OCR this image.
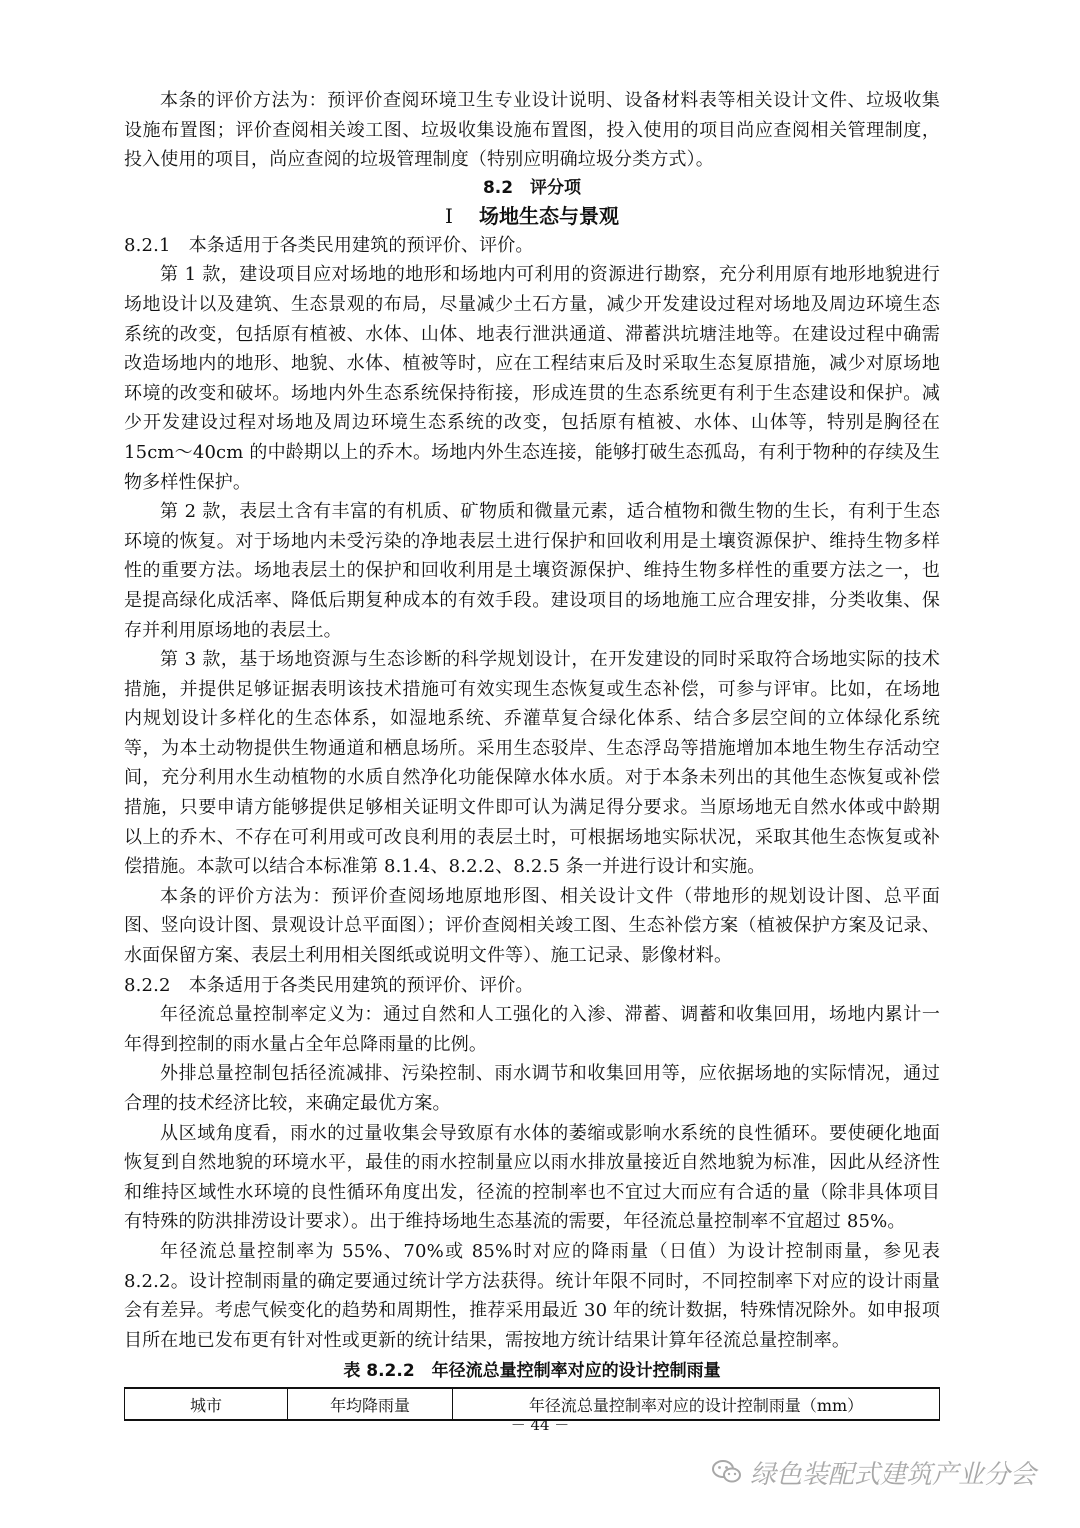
本条的评价方法为：预评价查阅环境卫生专业设计说明、设备材料表等相关设计文件、垃圾收集设施布置图；评价查阅相关竣工图、垃圾收集设施布置图，投入使用的项目尚应查阅相关管理制度，投入使用的项目，尚应查阅的垃圾管理制度（特别应明确垃圾分类方式）。

8.2　评分项
Ⅰ 场地生态与景观

8.2.1　本条适用于各类民用建筑的预评价、评价。

第 1 款，建设项目应对场地的地形和场地内可利用的资源进行勘察，充分利用原有地形地貌进行场地设计以及建筑、生态景观的布局，尽量减少土石方量，减少开发建设过程对场地及周边环境生态系统的改变，包括原有植被、水体、山体、地表行泄洪通道、滞蓄洪坑塘洼地等。在建设过程中确需改造场地内的地形、地貌、水体、植被等时，应在工程结束后及时采取生态复原措施，减少对原场地环境的改变和破坏。场地内外生态系统保持衔接，形成连贯的生态系统更有利于生态建设和保护。减少开发建设过程对场地及周边环境生态系统的改变，包括原有植被、水体、山体等，特别是胸径在 15cm～40cm 的中龄期以上的乔木。场地内外生态连接，能够打破生态孤岛，有利于物种的存续及生物多样性保护。

第 2 款，表层土含有丰富的有机质、矿物质和微量元素，适合植物和微生物的生长，有利于生态环境的恢复。对于场地内未受污染的净地表层土进行保护和回收利用是土壤资源保护、维持生物多样性的重要方法。场地表层土的保护和回收利用是土壤资源保护、维持生物多样性的重要方法之一，也是提高绿化成活率、降低后期复种成本的有效手段。建设项目的场地施工应合理安排，分类收集、保存并利用原场地的表层土。

第 3 款，基于场地资源与生态诊断的科学规划设计，在开发建设的同时采取符合场地实际的技术措施，并提供足够证据表明该技术措施可有效实现生态恢复或生态补偿，可参与评审。比如，在场地内规划设计多样化的生态体系，如湿地系统、乔灌草复合绿化体系、结合多层空间的立体绿化系统等，为本土动物提供生物通道和栖息场所。采用生态驳岸、生态浮岛等措施增加本地生物生存活动空间，充分利用水生动植物的水质自然净化功能保障水体水质。对于本条未列出的其他生态恢复或补偿措施，只要申请方能够提供足够相关证明文件即可认为满足得分要求。当原场地无自然水体或中龄期以上的乔木、不存在可利用或可改良利用的表层土时，可根据场地实际状况，采取其他生态恢复或补偿措施。本款可以结合本标准第 8.1.4、8.2.2、8.2.5 条一并进行设计和实施。

本条的评价方法为：预评价查阅场地原地形图、相关设计文件（带地形的规划设计图、总平面图、竖向设计图、景观设计总平面图）；评价查阅相关竣工图、生态补偿方案（植被保护方案及记录、水面保留方案、表层土利用相关图纸或说明文件等）、施工记录、影像材料。

8.2.2　本条适用于各类民用建筑的预评价、评价。

年径流总量控制率定义为：通过自然和人工强化的入渗、滞蓄、调蓄和收集回用，场地内累计一年得到控制的雨水量占全年总降雨量的比例。

外排总量控制包括径流减排、污染控制、雨水调节和收集回用等，应依据场地的实际情况，通过合理的技术经济比较，来确定最优方案。

从区域角度看，雨水的过量收集会导致原有水体的萎缩或影响水系统的良性循环。要使硬化地面恢复到自然地貌的环境水平，最佳的雨水控制量应以雨水排放量接近自然地貌为标准，因此从经济性和维持区域性水环境的良性循环角度出发，径流的控制率也不宜过大而应有合适的量（除非具体项目有特殊的防洪排涝设计要求）。出于维持场地生态基流的需要，年径流总量控制率不宜超过 85%。

年径流总量控制率为 55%、70%或 85%时对应的降雨量（日值）为设计控制雨量，参见表 8.2.2。设计控制雨量的确定要通过统计学方法获得。统计年限不同时，不同控制率下对应的设计雨量会有差异。考虑气候变化的趋势和周期性，推荐采用最近 30 年的统计数据，特殊情况除外。如申报项目所在地已发布更有针对性或更新的统计结果，需按地方统计结果计算年径流总量控制率。

表 8.2.2　年径流总量控制率对应的设计控制雨量
城市	年均降雨量	年径流总量控制率对应的设计控制雨量（mm）
－ 44 －
绿色装配式建筑产业分会
